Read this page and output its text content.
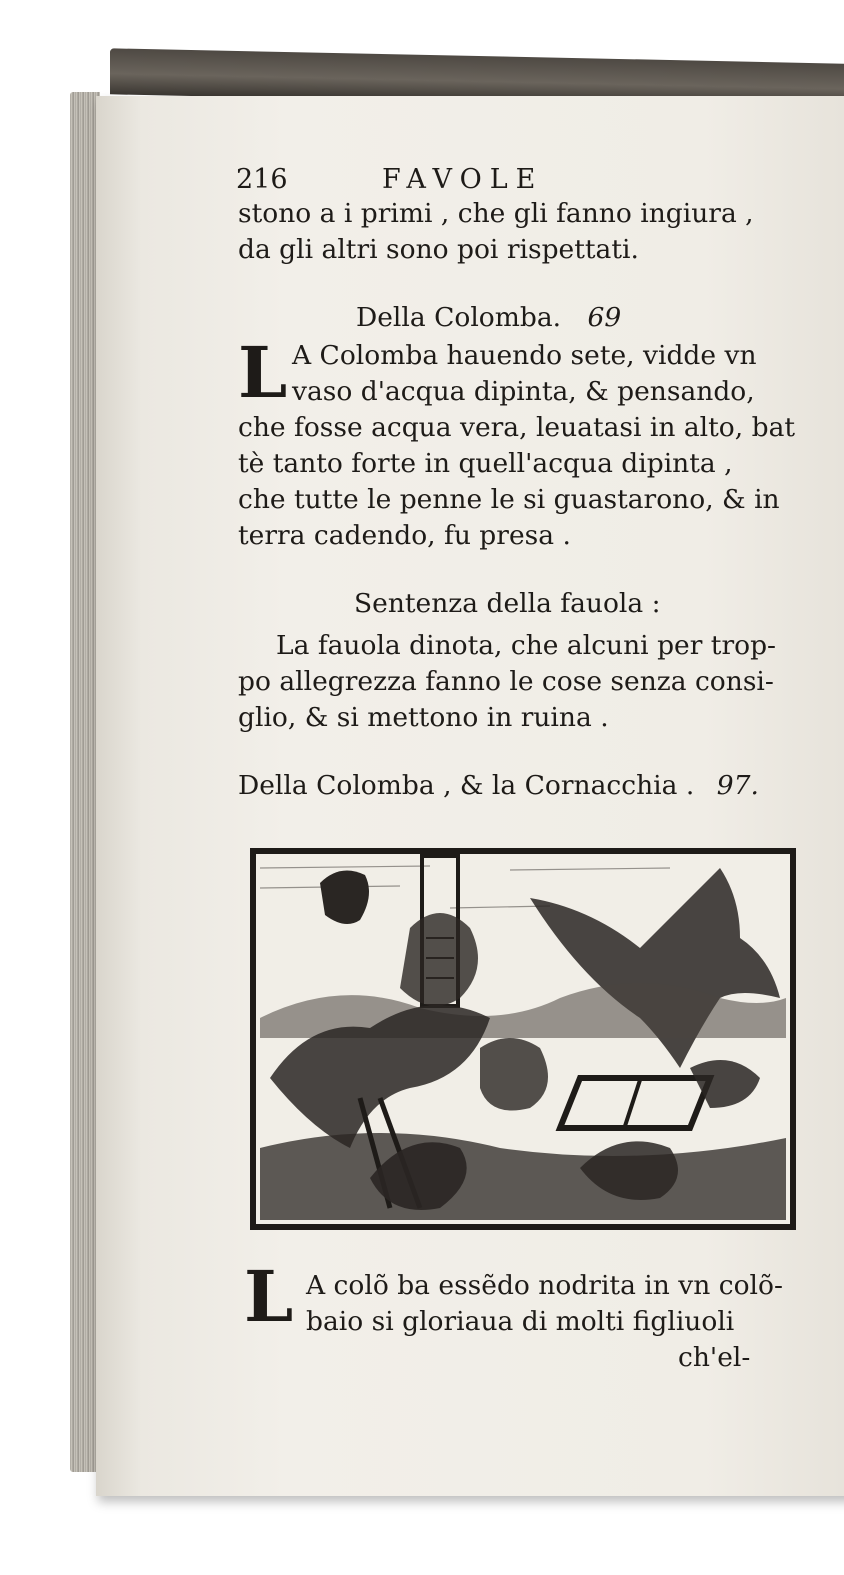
216	FAVOLE
stono a i primi , che gli fanno ingiura ,
da gli altri sono poi rispettati.
Della Colomba. 69
L A Colomba hauendo sete, vidde vn
vaso d'acqua dipinta, & pensando,
che fosse acqua vera, leuatasi in alto, bat
tè tanto forte in quell'acqua dipinta ,
che tutte le penne le si guastarono, & in
terra cadendo, fu presa .
Sentenza della fauola :
La fauola dinota, che alcuni per trop-
po allegrezza fanno le cose senza consi-
glio, & si mettono in ruina .
Della Colomba , & la Cornacchia . 97.
L A colõ ba essẽdo nodrita in vn colõ-
baio si gloriaua di molti figliuoli
ch'el-
